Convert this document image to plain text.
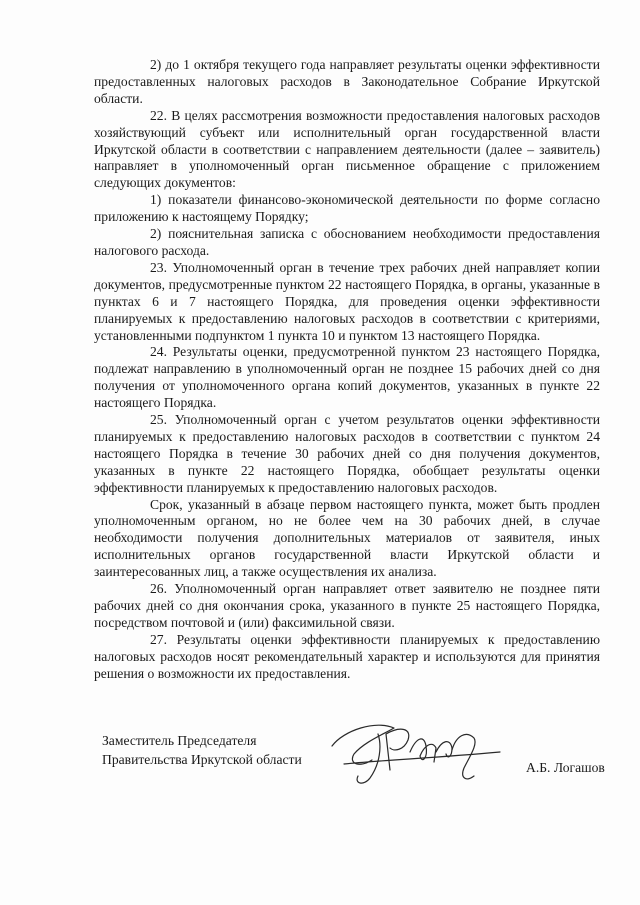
2) до 1 октября текущего года направляет результаты оценки эффективности предоставленных налоговых расходов в Законодательное Собрание Иркутской области.

22. В целях рассмотрения возможности предоставления налоговых расходов хозяйствующий субъект или исполнительный орган государственной власти Иркутской области в соответствии с направлением деятельности (далее – заявитель) направляет в уполномоченный орган письменное обращение с приложением следующих документов:

1) показатели финансово-экономической деятельности по форме согласно приложению к настоящему Порядку;

2) пояснительная записка с обоснованием необходимости предоставления налогового расхода.

23. Уполномоченный орган в течение трех рабочих дней направляет копии документов, предусмотренные пунктом 22 настоящего Порядка, в органы, указанные в пунктах 6 и 7 настоящего Порядка, для проведения оценки эффективности планируемых к предоставлению налоговых расходов в соответствии с критериями, установленными подпунктом 1 пункта 10 и пунктом 13 настоящего Порядка.

24. Результаты оценки, предусмотренной пунктом 23 настоящего Порядка, подлежат направлению в уполномоченный орган не позднее 15 рабочих дней со дня получения от уполномоченного органа копий документов, указанных в пункте 22 настоящего Порядка.

25. Уполномоченный орган с учетом результатов оценки эффективности планируемых к предоставлению налоговых расходов в соответствии с пунктом 24 настоящего Порядка в течение 30 рабочих дней со дня получения документов, указанных в пункте 22 настоящего Порядка, обобщает результаты оценки эффективности планируемых к предоставлению налоговых расходов.

Срок, указанный в абзаце первом настоящего пункта, может быть продлен уполномоченным органом, но не более чем на 30 рабочих дней, в случае необходимости получения дополнительных материалов от заявителя, иных исполнительных органов государственной власти Иркутской области и заинтересованных лиц, а также осуществления их анализа.

26. Уполномоченный орган направляет ответ заявителю не позднее пяти рабочих дней со дня окончания срока, указанного в пункте 25 настоящего Порядка, посредством почтовой и (или) факсимильной связи.

27. Результаты оценки эффективности планируемых к предоставлению налоговых расходов носят рекомендательный характер и используются для принятия решения о возможности их предоставления.

Заместитель Председателя
Правительства Иркутской области
А.Б. Логашов
